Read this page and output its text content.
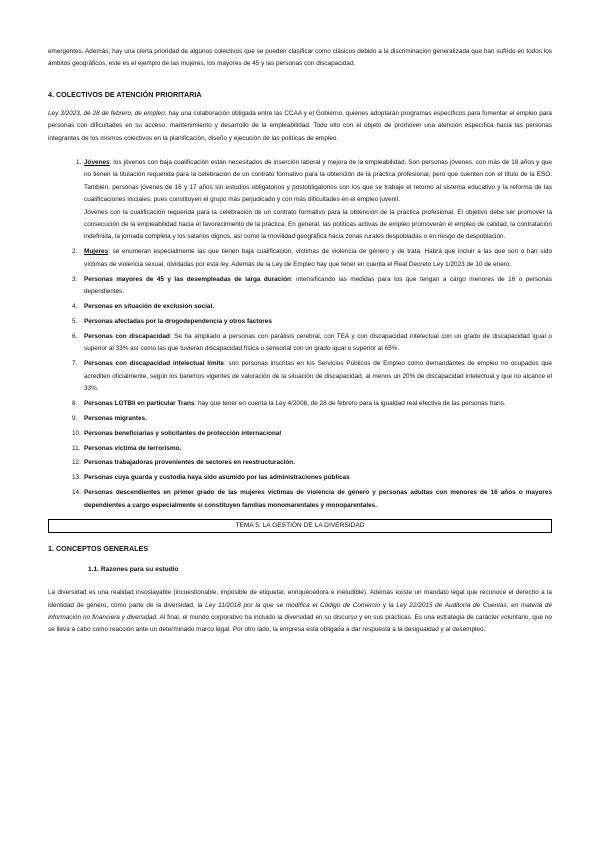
emergentes. Además, hay una cierta prioridad de algunos colectivos que se pueden clasificar como clásicos debido a la discriminación generalizada que han sufrido en todos los ámbitos geográficos, este es el ejemplo de las mujeres, los mayores de 45 y las personas con discapacidad.

4. COLECTIVOS DE ATENCIÓN PRIORITARIA

Ley 3/2023, de 28 de febrero, de empleo: hay una colaboración obligada entre las CCAA y el Gobierno, quienes adoptarán programas específicos para fomentar el empleo para personas con dificultades en su acceso, mantenimiento y desarrollo de la empleabilidad. Todo ello con el objeto de promover una atención específica hacia las personas integrantes de los mismos colectivos en la planificación, diseño y ejecución de las políticas de empleo.

1. Jóvenes: los jóvenes con baja cualificación están necesitados de inserción laboral y mejora de la empleabilidad. Son personas jóvenes, con más de 18 años y que no tienen la titulación requerida para la celebración de un contrato formativo para la obtención de la práctica profesional, pero que cuenten con el título de la ESO. También, personas jóvenes de 16 y 17 años sin estudios obligatorios y postobligatorios con los que se trabaje el retorno al sistema educativo y la reforma de las cualificaciones iniciales, pues constituyen el grupo más perjudicado y con más dificultades en el empleo juvenil.
Jóvenes con la cualificación requerida para la celebración de un contrato formativo para la obtención de la práctica profesional. El objetivo debe ser promover la consecución de la empleabilidad hacia el favorecimiento de la práctica. En general, las políticas activas de empleo promoverán el empleo de calidad, la contratación indefinida, la jornada completa y los salarios dignos, así como la movilidad geográfica hacia zonas rurales despobladas o en riesgo de despoblación.
2. Mujeres: se enumeran especialmente las que tienen baja cualificación, víctimas de violencia de género y de trata. Habrá que incluir a las que son o han sido víctimas de violencia sexual, olvidadas por esta ley. Además de la Ley de Empleo hay que tener en cuenta el Real Decreto Ley 1/2023 de 10 de enero.
3. Personas mayores de 45 y las desempleadas de larga duración: intensificando las medidas para los que tengan a cargo menores de 16 o personas dependientes.
4. Personas en situación de exclusión social.
5. Personas afectadas por la drogodependencia y otros factores
6. Personas con discapacidad: Se ha ampliado a personas con parálisis cerebral, con TEA y con discapacidad intelectual con un grado de discapacidad igual o superior al 33% así como las que tuvieran discapacidad física o sensorial con un grado igual o superior al 65%.
7. Personas con discapacidad intelectual límite: son personas inscritas en los Servicios Públicos de Empleo como demandantes de empleo no ocupados que acrediten oficialmente, según los baremos vigentes de valoración de la situación de discapacidad, al menos un 20% de discapacidad intelectual y que no alcance el 33%.
8. Personas LGTBIi en particular Trans: hay que tener en cuenta la Ley 4/2008, de 28 de febrero para la igualdad real efectiva de las personas trans.
9. Personas migrantes.
10. Personas beneficiarias y solicitantes de protección internacional
11. Personas víctima de terrorismo.
12. Personas trabajadoras provenientes de sectores en reestructuración.
13. Personas cuya guarda y custodia haya sido asumido por las administraciones públicas
14. Personas descendientes en primer grado de las mujeres víctimas de violencia de género y personas adultas con menores de 16 años o mayores dependientes a cargo especialmente si constituyen familias monomarentales y monoparentales.
TEMA 5: LA GESTIÓN DE LA DIVERSIDAD
1. CONCEPTOS GENERALES
1.1. Razones para su estudio

La diversidad es una realidad insoslayable (incuestionable, imposible de etiquetar, enriquecedora e ineludible). Además existe un mandato legal que reconoce el derecho a la identidad de género, como parte de la diversidad, la Ley 11/2018 por la que se modifica el Código de Comercio y la Ley 22/2015 de Auditoría de Cuentas, en materia de información no financiera y diversidad. Al final, el mundo corporativo ha incluido la diversidad en su discurso y en sus prácticas. Es una estrategia de carácter voluntario, que no se lleva a cabo como reacción ante un determinado marco legal. Por otro lado, la empresa está obligada a dar respuesta a la desigualdad y al desempleo.
